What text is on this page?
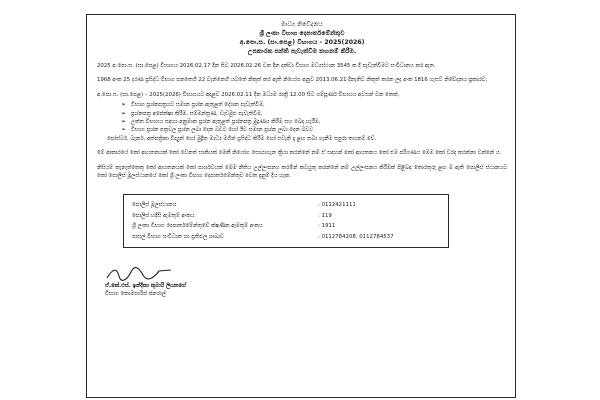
මාධ්‍ය නිවේදනය
ශ්‍රී ලංකා විභාග දෙපාර්තමේන්තුව
අ.පො.ස. (සා.පෙළ) විභාගය - 2025(2026)
උපකාරක පන්ති පැවැත්වීම තහනම් කිරීම.
2025 අ.පො.ස. (සා.පෙළ) විභාගය 2026.02.17 දින සිට 2026.02.26 වන දින දක්වා විභාග මධ්‍යස්ථාන 3545 ක දී පැවැත්වීමට සංවිධානය කර ඇත.
1968 අංක 25 දරණ ප්‍රසිද්ධ විභාග පනතෙහි 22 වැන්නෙහි යටතේ නිකුත් කර ඇති නියෝග අනුව 2013.06.21 දිනැතිව නිකුත් කරන ලද අංක 1816 ගැසට් නිවේදනය ප්‍රකාරව,
අ.පො.ස. (සා.පෙළ) – 2025(2026) විභාගයට අදාළව 2026.02.11 දින මධ්‍යම රාත්‍රී 12.00 සිට ගම්පූර්ණ විභාගය අවසන් වන තෙක්,
➢ විභාග ප්‍රශ්නපත්‍රයට සමාන ප්‍රශ්න ඇතුළත් දේශන පැවැත්වීම,
➢ ප්‍රශ්නපත්‍ර අපේක්ෂා කිරීම, සම්මන්ත්‍රණ, වැඩමුළු පැවැත්වීම,
➢ උක්ත විභාගය සඳහා අනුමාන ප්‍රශ්න ඇතුළත් ප්‍රශ්නපත්‍ර මුද්‍රණය කිරීම සහ බෙදා හැරීම,
➢ විභාග ප්‍රශ්න පත්‍රවල ප්‍රශ්න ලබා දෙන බවට හෝ ඊට සමාන ප්‍රශ්න ලබා දෙන බවට
පෝස්ටර්, බැනර්, අත්පත්‍රිකා විද්‍යුත් හෝ මුද්‍රිත මාධ්‍ය මගින් ප්‍රසිද්ධ කිරීම හෝ එවැනි දෑ ළඟ තබා ගැනීම සපුරා තහනම් වේ.
මේ ආකාරයේ කෝ ආයතනයක් කෝ වෙනත් සාකියක් මෙකී නියෝග සොයාගැන ක්‍රියා කරන්නේ නම් ඒ සඳහන් කෝ ආයතනය කෝ එම පරිගණය මෙම කෝ වරද කරන්නා වන්නේ ය.
නිසියම් කැනැත්තෙකු කෝ ආයතනයක් කෝ පාර්ශවයක් මෙම නීතිය උල්ලංඝනය කරමින් කටයුතු කරන්නේ නම් උල්ලංඝනය කිරීමක් පිළිබඳ තොරතුරු ළඟ ම ඇති පොලිස් ස්ථානයට කෝ පොලිස් මූලස්ථානයේ කෝ ශ්‍රී ලංකා විභාග දෙපාර්තමේන්තුව වෙත දැනුම් දිය හැක.
පොලිස් මූලස්ථානය	: 0112421111
පොලිස් හදිසි ඇමතුම් අංකය	: 119
ශ්‍රී ලංකා විභාග දෙපාර්තමේන්තුවේ ක්ෂණික ඇමතුම් අංකය	: 1911
පාසල් විභාග සංවිධාන හා ප්‍රතිඵල ශාඛාව	: 0112784208, 0112784537
ඒ.කේ.එස්. ඉන්දිකා කුමාරි ලියනගේ
විභාග කොමසාරිස් ජනරාල්
